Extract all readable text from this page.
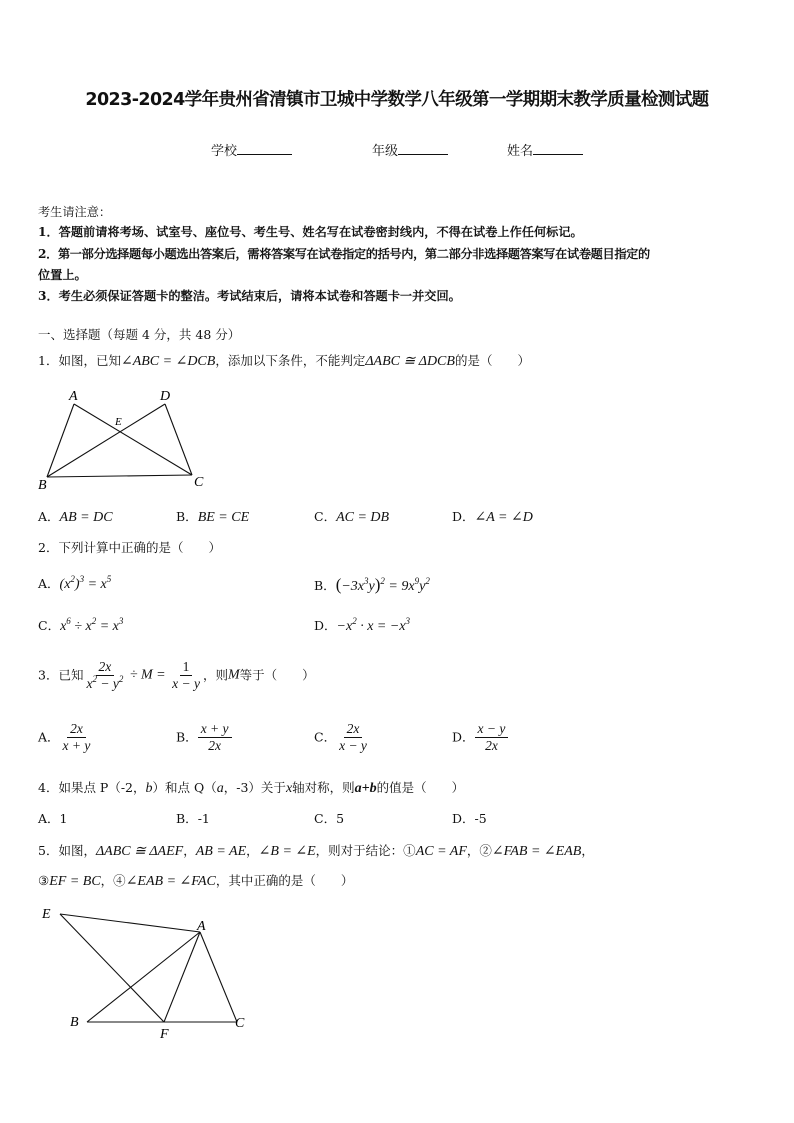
2023-2024学年贵州省清镇市卫城中学数学八年级第一学期期末教学质量检测试题
学校	年级	姓名
考生请注意：
1．答题前请将考场、试室号、座位号、考生号、姓名写在试卷密封线内，不得在试卷上作任何标记。
2．第一部分选择题每小题选出答案后，需将答案写在试卷指定的括号内，第二部分非选择题答案写在试卷题目指定的
位置上。
3．考生必须保证答题卡的整洁。考试结束后，请将本试卷和答题卡一并交回。
一、选择题（每题 4 分，共 48 分）
1．如图，已知∠ABC = ∠DCB，添加以下条件，不能判定ΔABC ≅ ΔDCB的是（　　）
A	D
E
B	C
A．AB = DC	B．BE = CE	C．AC = DB	D．∠A = ∠D
2．下列计算中正确的是（　　）
A．$(x^2)^3 = x^5$	B．$(-3x^3y)^2 = 9x^9y^2$
C．$x^6 \div x^2 = x^3$	D．$-x^2 \cdot x = -x^3$
3．已知 $\frac{2x}{x^2 - y^2} \div M = \frac{1}{x - y}$ ，则M等于（　　）
A． $\frac{2x}{x + y}$	B． $\frac{x + y}{2x}$	C． $\frac{2x}{x - y}$	D． $\frac{x - y}{2x}$
4．如果点 P（-2，b）和点 Q（a，-3）关于x轴对称，则a+b的值是（　　）
A．1	B．-1	C．5	D．-5
5．如图，ΔABC ≅ ΔAEF，AB = AE，∠B = ∠E，则对于结论：①AC = AF，②∠FAB = ∠EAB，
③EF = BC，④∠EAB = ∠FAC，其中正确的是（　　）
E
A
B
F
C
